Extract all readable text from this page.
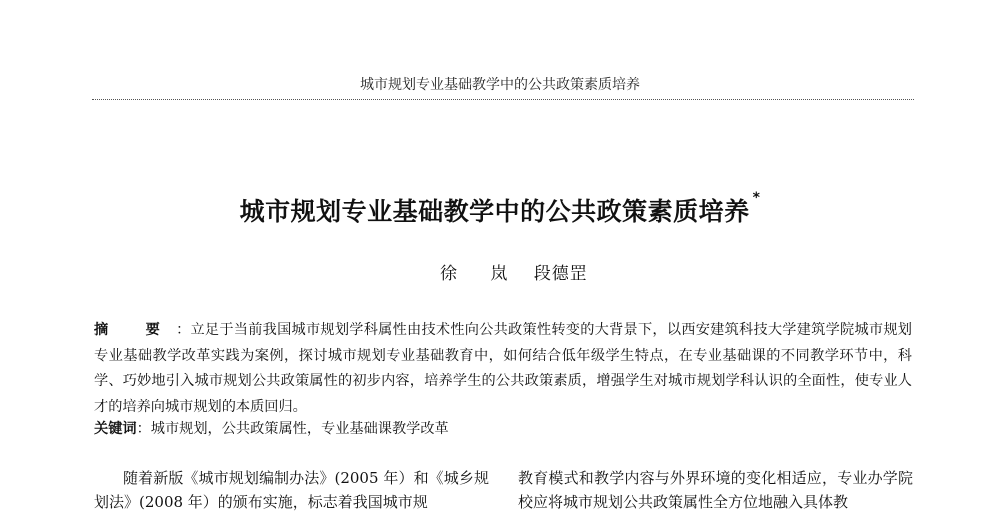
城市规划专业基础教学中的公共政策素质培养
城市规划专业基础教学中的公共政策素质培养 *
徐 岚 段德罡
摘 要：立足于当前我国城市规划学科属性由技术性向公共政策性转变的大背景下，以西安建筑科技大学建筑学院城市规划专业基础教学改革实践为案例，探讨城市规划专业基础教育中，如何结合低年级学生特点，在专业基础课的不同教学环节中，科学、巧妙地引入城市规划公共政策属性的初步内容，培养学生的公共政策素质，增强学生对城市规划学科认识的全面性，使专业人才的培养向城市规划的本质回归。
关键词：城市规划，公共政策属性，专业基础课教学改革
随着新版《城市规划编制办法》(2005 年）和《城乡规划法》(2008 年）的颁布实施，标志着我国城市规
教育模式和教学内容与外界环境的变化相适应，专业办学院校应将城市规划公共政策属性全方位地融入具体教
